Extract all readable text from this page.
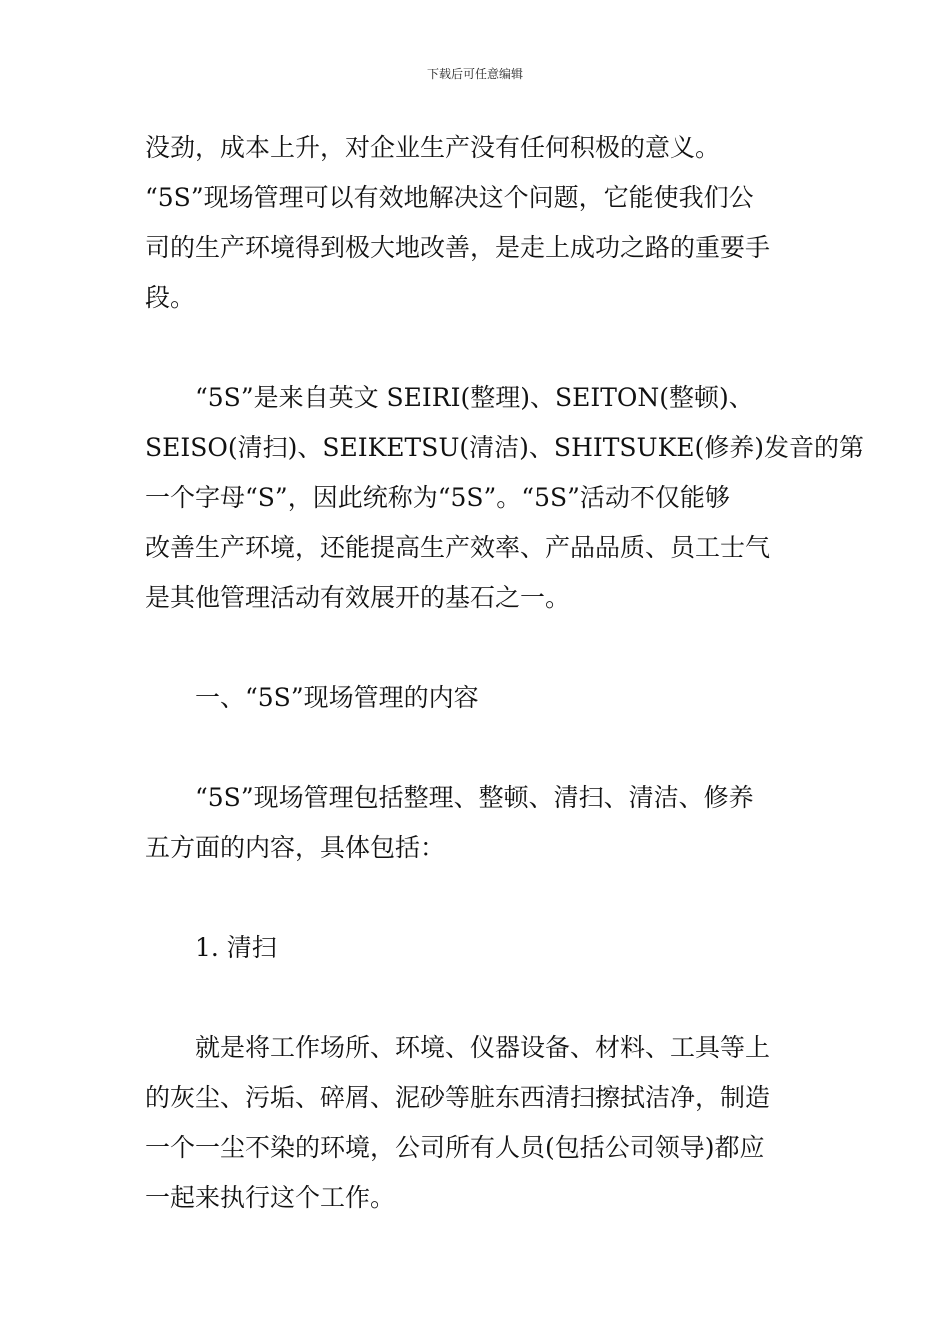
下载后可任意编辑
没劲，成本上升，对企业生产没有任何积极的意义。
“5S”现场管理可以有效地解决这个问题，它能使我们公
司的生产环境得到极大地改善，是走上成功之路的重要手
段。
“5S”是来自英文 SEIRI(整理)、SEITON(整顿)、
SEISO(清扫)、SEIKETSU(清洁)、SHITSUKE(修养)发音的第
一个字母“S”，因此统称为“5S”。“5S”活动不仅能够
改善生产环境，还能提高生产效率、产品品质、员工士气
是其他管理活动有效展开的基石之一。
一、“5S”现场管理的内容
“5S”现场管理包括整理、整顿、清扫、清洁、修养
五方面的内容，具体包括：
1. 清扫
就是将工作场所、环境、仪器设备、材料、工具等上
的灰尘、污垢、碎屑、泥砂等脏东西清扫擦拭洁净，制造
一个一尘不染的环境，公司所有人员(包括公司领导)都应
一起来执行这个工作。
